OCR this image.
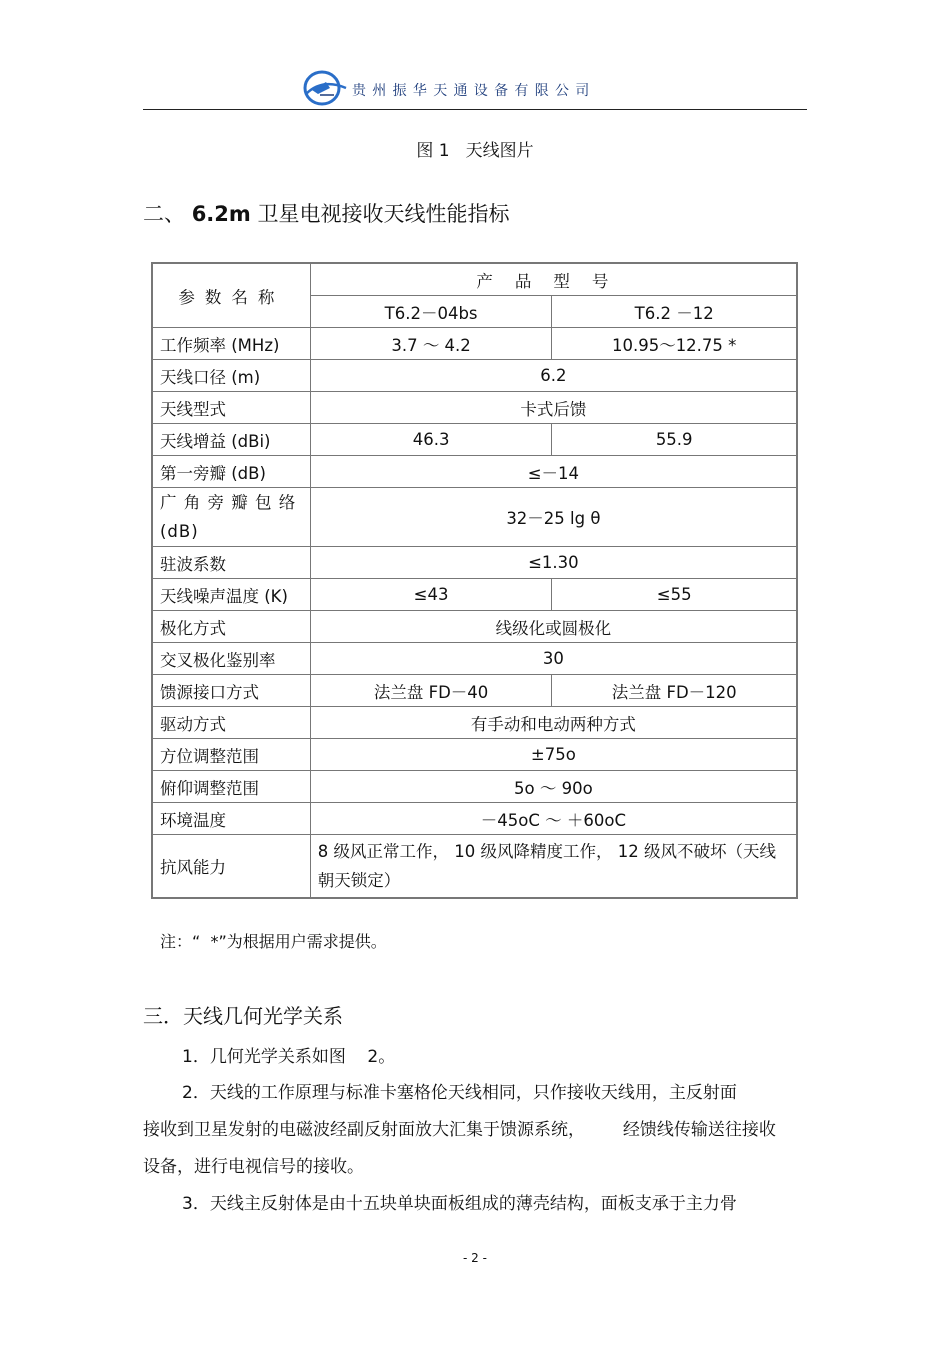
贵州振华天通设备有限公司
图 1 天线图片
二、 6.2m 卫星电视接收天线性能指标
参数名称	产品型号	
	T6.2－04bs	T6.2 －12
工作频率 (MHz)	3.7 ～ 4.2	10.95～12.75 *
天线口径 (m)	6.2	
天线型式	卡式后馈	
天线增益 (dBi)	46.3	55.9
第一旁瓣 (dB)	≤－14	
广 角 旁 瓣 包 络 (dB)	32－25 lg θ	
驻波系数	≤1.30	
天线噪声温度 (K)	≤43	≤55
极化方式	线级化或圆极化	
交叉极化鉴别率	30	
馈源接口方式	法兰盘 FD－40	法兰盘 FD－120
驱动方式	有手动和电动两种方式	
方位调整范围	±75o	
俯仰调整范围	5o ～ 90o	
环境温度	－45oC ～ ＋60oC	
抗风能力	8 级风正常工作， 10 级风降精度工作， 12 级风不破坏（天线朝天锁定）	
注：“  *”为根据用户需求提供。
三．天线几何光学关系
1．几何光学关系如图    2。
2．天线的工作原理与标准卡塞格伦天线相同，只作接收天线用，主反射面
接收到卫星发射的电磁波经副反射面放大汇集于馈源系统，       经馈线传输送往接收
设备，进行电视信号的接收。
3．天线主反射体是由十五块单块面板组成的薄壳结构，面板支承于主力骨
- 2 -
